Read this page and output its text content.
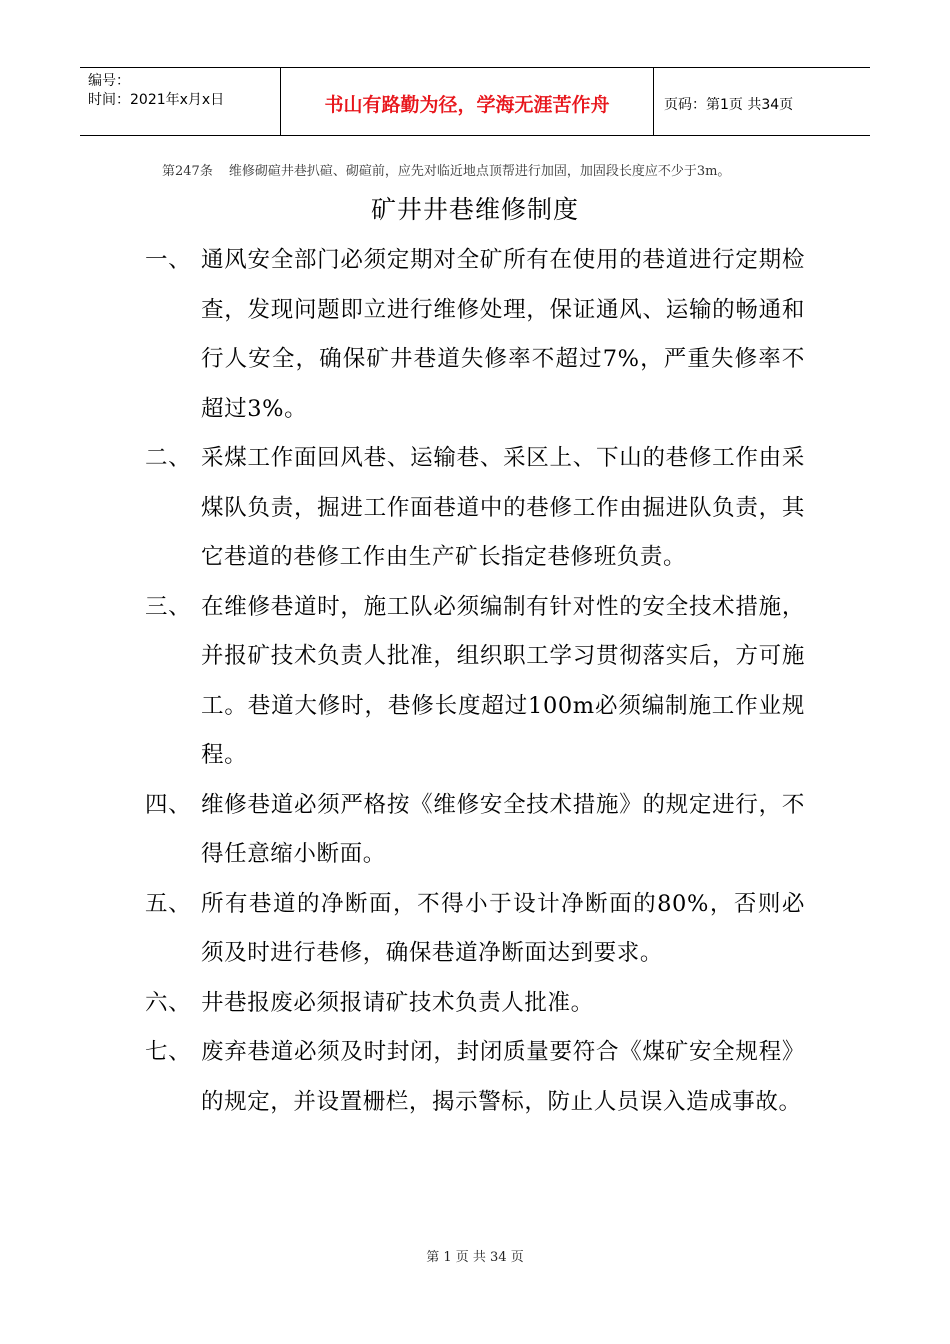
编号：
时间：2021年x月x日	书山有路勤为径，学海无涯苦作舟	页码：第1页 共34页
第247条 维修砌碹井巷扒碹、砌碹前，应先对临近地点顶帮进行加固，加固段长度应不少于3m。
矿井井巷维修制度
一、 通风安全部门必须定期对全矿所有在使用的巷道进行定期检查，发现问题即立进行维修处理，保证通风、运输的畅通和行人安全，确保矿井巷道失修率不超过7%，严重失修率不超过3%。
二、 采煤工作面回风巷、运输巷、采区上、下山的巷修工作由采煤队负责，掘进工作面巷道中的巷修工作由掘进队负责，其它巷道的巷修工作由生产矿长指定巷修班负责。
三、 在维修巷道时，施工队必须编制有针对性的安全技术措施，并报矿技术负责人批准，组织职工学习贯彻落实后，方可施工。巷道大修时，巷修长度超过100m必须编制施工作业规程。
四、 维修巷道必须严格按《维修安全技术措施》的规定进行，不得任意缩小断面。
五、 所有巷道的净断面，不得小于设计净断面的80%，否则必须及时进行巷修，确保巷道净断面达到要求。
六、 井巷报废必须报请矿技术负责人批准。
七、 废弃巷道必须及时封闭，封闭质量要符合《煤矿安全规程》的规定，并设置栅栏，揭示警标，防止人员误入造成事故。
第 1 页 共 34 页
